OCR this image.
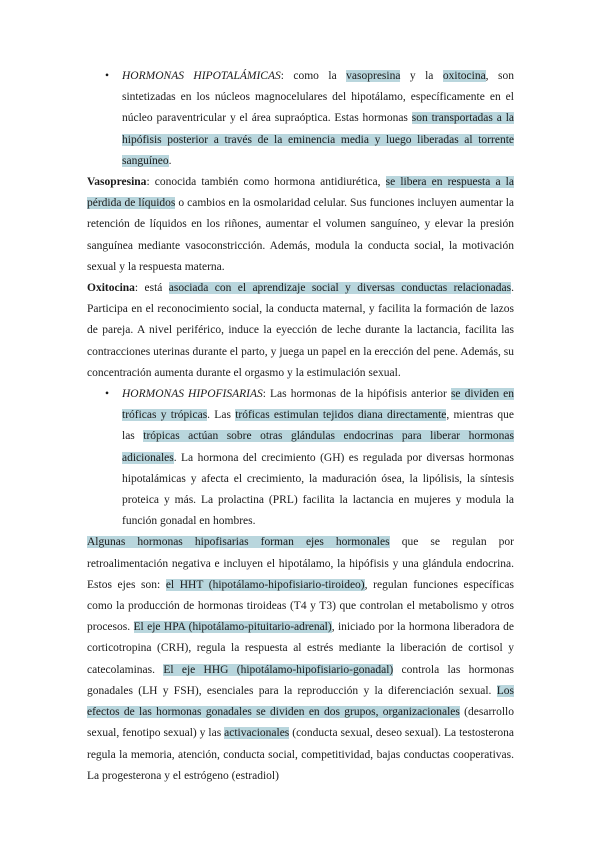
• HORMONAS HIPOTALÁMICAS: como la vasopresina y la oxitocina, son sintetizadas en los núcleos magnocelulares del hipotálamo, específicamente en el núcleo paraventricular y el área supraóptica. Estas hormonas son transportadas a la hipófisis posterior a través de la eminencia media y luego liberadas al torrente sanguíneo.

Vasopresina: conocida también como hormona antidiurética, se libera en respuesta a la pérdida de líquidos o cambios en la osmolaridad celular. Sus funciones incluyen aumentar la retención de líquidos en los riñones, aumentar el volumen sanguíneo, y elevar la presión sanguínea mediante vasoconstricción. Además, modula la conducta social, la motivación sexual y la respuesta materna.

Oxitocina: está asociada con el aprendizaje social y diversas conductas relacionadas. Participa en el reconocimiento social, la conducta maternal, y facilita la formación de lazos de pareja. A nivel periférico, induce la eyección de leche durante la lactancia, facilita las contracciones uterinas durante el parto, y juega un papel en la erección del pene. Además, su concentración aumenta durante el orgasmo y la estimulación sexual.

• HORMONAS HIPOFISARIAS: Las hormonas de la hipófisis anterior se dividen en tróficas y trópicas. Las tróficas estimulan tejidos diana directamente, mientras que las trópicas actúan sobre otras glándulas endocrinas para liberar hormonas adicionales. La hormona del crecimiento (GH) es regulada por diversas hormonas hipotalámicas y afecta el crecimiento, la maduración ósea, la lipólisis, la síntesis proteica y más. La prolactina (PRL) facilita la lactancia en mujeres y modula la función gonadal en hombres.

Algunas hormonas hipofisarias forman ejes hormonales que se regulan por retroalimentación negativa e incluyen el hipotálamo, la hipófisis y una glándula endocrina. Estos ejes son: el HHT (hipotálamo-hipofisiario-tiroideo), regulan funciones específicas como la producción de hormonas tiroideas (T4 y T3) que controlan el metabolismo y otros procesos. El eje HPA (hipotálamo-pituitario-adrenal), iniciado por la hormona liberadora de corticotropina (CRH), regula la respuesta al estrés mediante la liberación de cortisol y catecolaminas. El eje HHG (hipotálamo-hipofisiario-gonadal) controla las hormonas gonadales (LH y FSH), esenciales para la reproducción y la diferenciación sexual. Los efectos de las hormonas gonadales se dividen en dos grupos, organizacionales (desarrollo sexual, fenotipo sexual) y las activacionales (conducta sexual, deseo sexual). La testosterona regula la memoria, atención, conducta social, competitividad, bajas conductas cooperativas. La progesterona y el estrógeno (estradiol)
